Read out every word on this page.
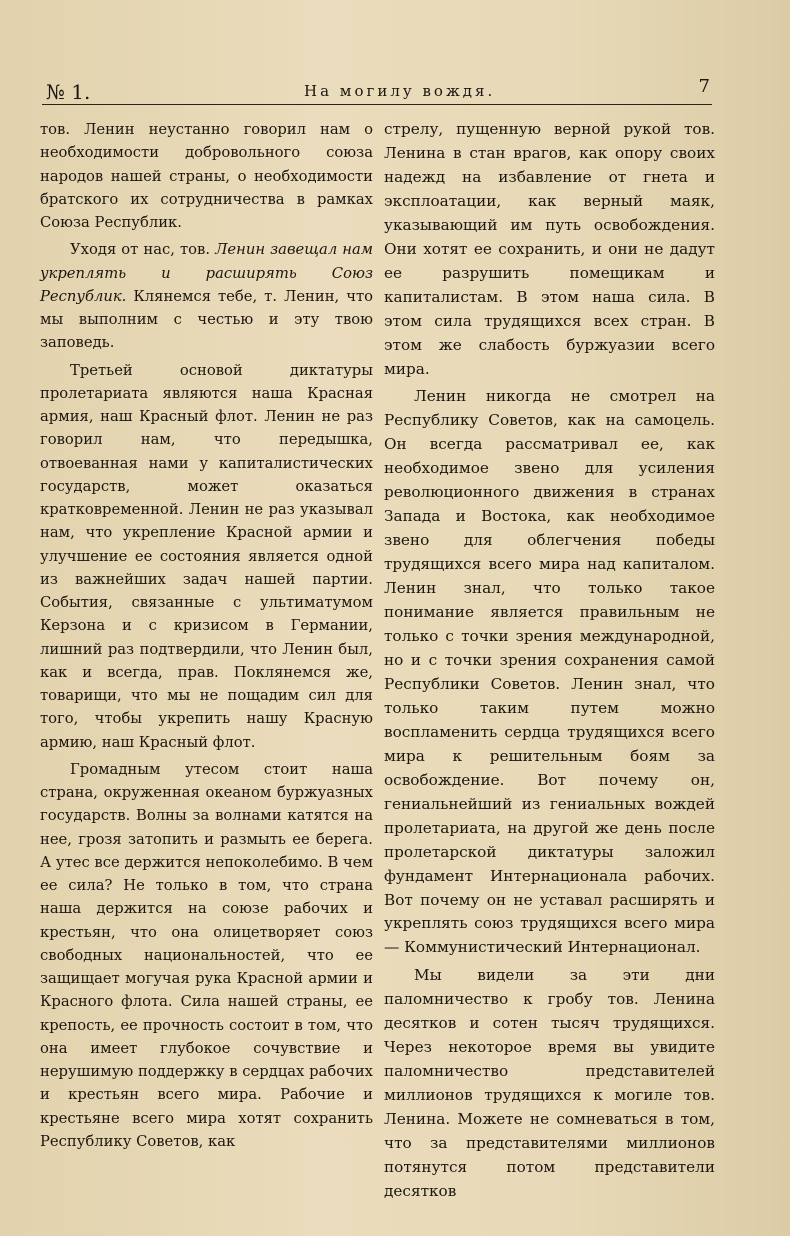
№ 1.	На могилу вождя.	7

тов. Ленин неустанно говорил нам о необходимости добровольного союза народов нашей страны, о необходимости братского их сотрудничества в рамках Союза Республик.

Уходя от нас, тов. Ленин завещал нам укреплять и расширять Союз Республик. Клянемся тебе, т. Ленин, что мы выполним с честью и эту твою заповедь.

Третьей основой диктатуры пролетариата являются наша Красная армия, наш Красный флот. Ленин не раз говорил нам, что передышка, отвоеванная нами у капиталистических государств, может оказаться кратковременной. Ленин не раз указывал нам, что укрепление Красной армии и улучшение ее состояния является одной из важнейших задач нашей партии. События, связанные с ультиматумом Керзона и с кризисом в Германии, лишний раз подтвердили, что Ленин был, как и всегда, прав. Поклянемся же, товарищи, что мы не пощадим сил для того, чтобы укрепить нашу Красную армию, наш Красный флот.

Громадным утесом стоит наша страна, окруженная океаном буржуазных государств. Волны за волнами катятся на нее, грозя затопить и размыть ее берега. А утес все держится непоколебимо. В чем ее сила? Не только в том, что страна наша держится на союзе рабочих и крестьян, что она олицетворяет союз свободных национальностей, что ее защищает могучая рука Красной армии и Красного флота. Сила нашей страны, ее крепость, ее прочность состоит в том, что она имеет глубокое сочувствие и нерушимую поддержку в сердцах рабочих и крестьян всего мира. Рабочие и крестьяне всего мира хотят сохранить Республику Советов, как

стрелу, пущенную верной рукой тов. Ленина в стан врагов, как опору своих надежд на избавление от гнета и эксплоатации, как верный маяк, указывающий им путь освобождения. Они хотят ее сохранить, и они не дадут ее разрушить помещикам и капиталистам. В этом наша сила. В этом сила трудящихся всех стран. В этом же слабость буржуазии всего мира.

Ленин никогда не смотрел на Республику Советов, как на самоцель. Он всегда рассматривал ее, как необходимое звено для усиления революционного движения в странах Запада и Востока, как необходимое звено для облегчения победы трудящихся всего мира над капиталом. Ленин знал, что только такое понимание является правильным не только с точки зрения международной, но и с точки зрения сохранения самой Республики Советов. Ленин знал, что только таким путем можно воспламенить сердца трудящихся всего мира к решительным боям за освобождение. Вот почему он, гениальнейший из гениальных вождей пролетариата, на другой же день после пролетарской диктатуры заложил фундамент Интернационала рабочих. Вот почему он не уставал расширять и укреплять союз трудящихся всего мира — Коммунистический Интернационал.

Мы видели за эти дни паломничество к гробу тов. Ленина десятков и сотен тысяч трудящихся. Через некоторое время вы увидите паломничество представителей миллионов трудящихся к могиле тов. Ленина. Можете не сомневаться в том, что за представителями миллионов потянутся потом представители десятков
